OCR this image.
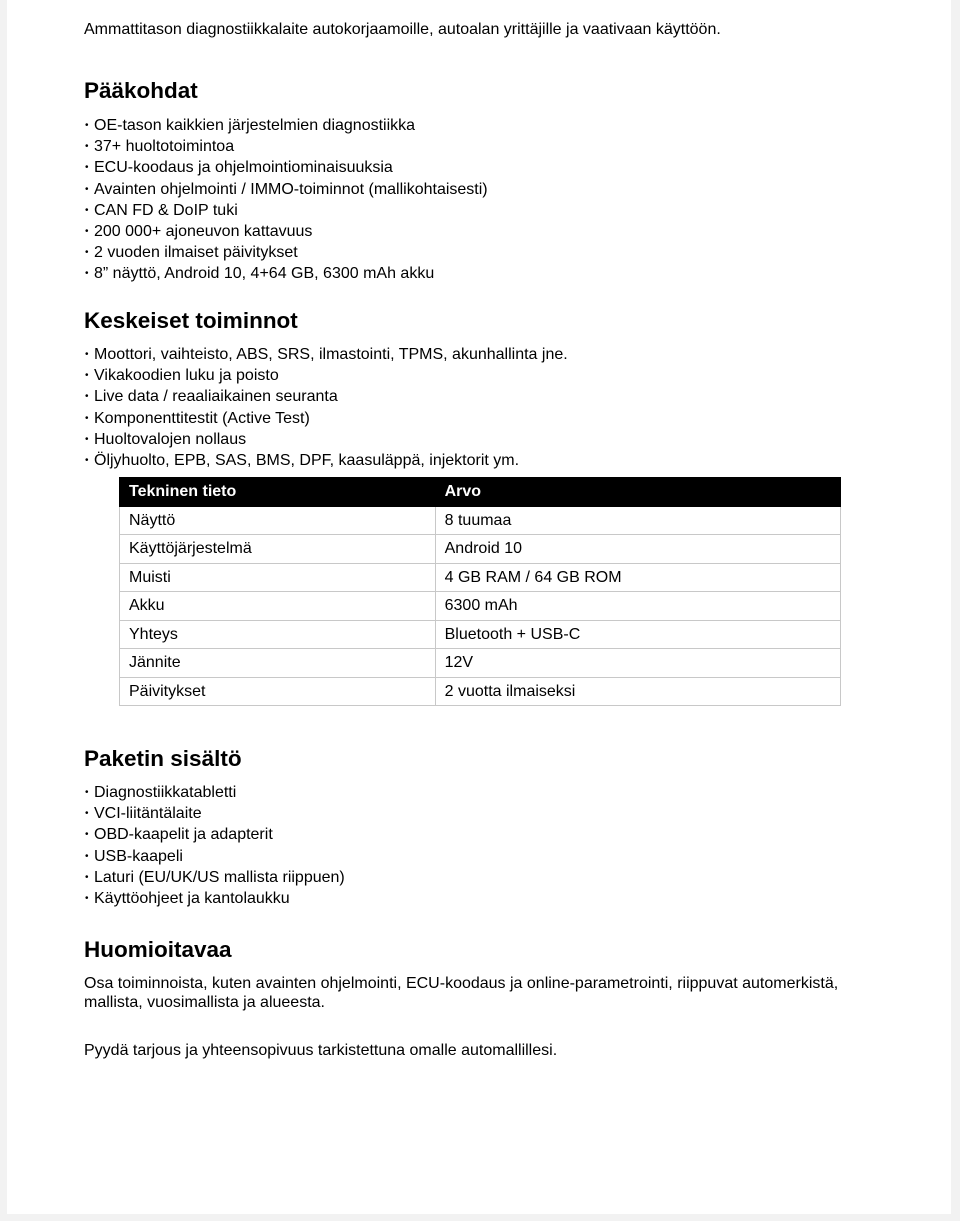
Ammattitason diagnostiikkalaite autokorjaamoille, autoalan yrittäjille ja vaativaan käyttöön.

Pääkohdat
• OE-tason kaikkien järjestelmien diagnostiikka
• 37+ huoltotoimintoa
• ECU-koodaus ja ohjelmointiominaisuuksia
• Avainten ohjelmointi / IMMO-toiminnot (mallikohtaisesti)
• CAN FD & DoIP tuki
• 200 000+ ajoneuvon kattavuus
• 2 vuoden ilmaiset päivitykset
• 8” näyttö, Android 10, 4+64 GB, 6300 mAh akku
Keskeiset toiminnot
• Moottori, vaihteisto, ABS, SRS, ilmastointi, TPMS, akunhallinta jne.
• Vikakoodien luku ja poisto
• Live data / reaaliaikainen seuranta
• Komponenttitestit (Active Test)
• Huoltovalojen nollaus
• Öljyhuolto, EPB, SAS, BMS, DPF, kaasuläppä, injektorit ym.
Tekninen tieto	Arvo
Näyttö	8 tuumaa
Käyttöjärjestelmä	Android 10
Muisti	4 GB RAM / 64 GB ROM
Akku	6300 mAh
Yhteys	Bluetooth + USB-C
Jännite	12V
Päivitykset	2 vuotta ilmaiseksi
Paketin sisältö
• Diagnostiikkatabletti
• VCI-liitäntälaite
• OBD-kaapelit ja adapterit
• USB-kaapeli
• Laturi (EU/UK/US mallista riippuen)
• Käyttöohjeet ja kantolaukku
Huomioitavaa

Osa toiminnoista, kuten avainten ohjelmointi, ECU-koodaus ja online-parametrointi, riippuvat automerkistä, mallista, vuosimallista ja alueesta.

Pyydä tarjous ja yhteensopivuus tarkistettuna omalle automallillesi.
